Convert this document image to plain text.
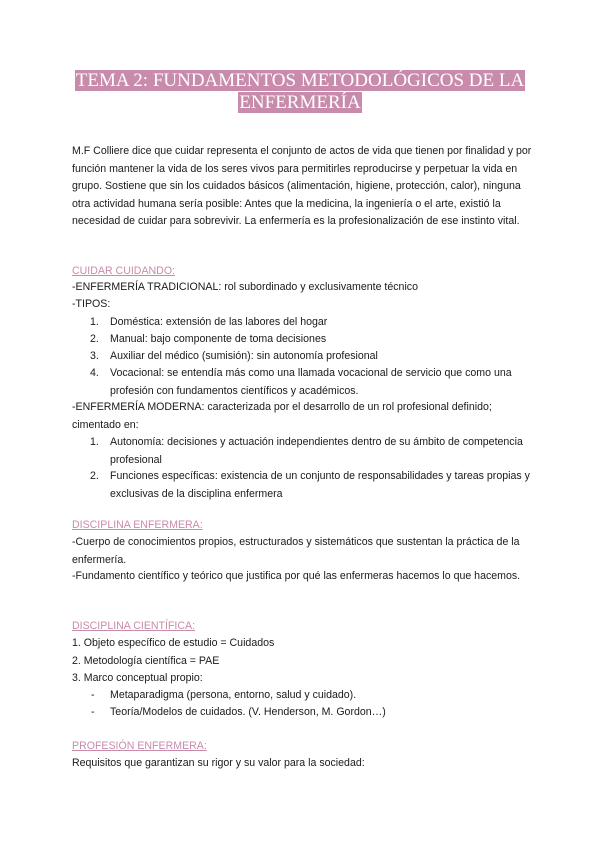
TEMA 2: FUNDAMENTOS METODOLÓGICOS DE LA
ENFERMERÍA

M.F Colliere dice que cuidar representa el conjunto de actos de vida que tienen por finalidad y por función mantener la vida de los seres vivos para permitirles reproducirse y perpetuar la vida en grupo. Sostiene que sin los cuidados básicos (alimentación, higiene, protección, calor), ninguna otra actividad humana sería posible: Antes que la medicina, la ingeniería o el arte, existió la necesidad de cuidar para sobrevivir. La enfermería es la profesionalización de ese instinto vital.

CUIDAR CUIDANDO:

-ENFERMERÍA TRADICIONAL: rol subordinado y exclusivamente técnico

-TIPOS:

1.	Doméstica: extensión de las labores del hogar

2.	Manual: bajo componente de toma decisiones

3.	Auxiliar del médico (sumisión): sin autonomía profesional

4.	Vocacional: se entendía más como una llamada vocacional de servicio que como una profesión con fundamentos científicos y académicos.

-ENFERMERÍA MODERNA: caracterizada por el desarrollo de un rol profesional definido; cimentado en:

1.	Autonomía: decisiones y actuación independientes dentro de su ámbito de competencia profesional

2.	Funciones específicas: existencia de un conjunto de responsabilidades y tareas propias y exclusivas de la disciplina enfermera

DISCIPLINA ENFERMERA:

-Cuerpo de conocimientos propios, estructurados y sistemáticos que sustentan la práctica de la enfermería.

-Fundamento científico y teórico que justifica por qué las enfermeras hacemos lo que hacemos.

DISCIPLINA CIENTÍFICA:

1. Objeto específico de estudio = Cuidados

2. Metodología científica = PAE

3. Marco conceptual propio:

- Metaparadigma (persona, entorno, salud y cuidado).

- Teoría/Modelos de cuidados. (V. Henderson, M. Gordon…)

PROFESIÓN ENFERMERA:

Requisitos que garantizan su rigor y su valor para la sociedad:
